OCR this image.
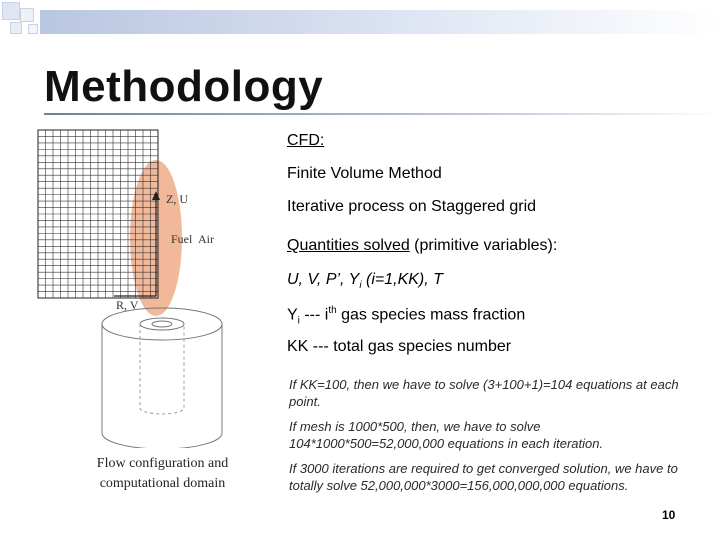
Methodology
Z, U
Fuel Air
R, V
Flow configuration and
computational domain
CFD:
Finite Volume Method
Iterative process on Staggered grid
Quantities solved (primitive variables):
U, V, P’, $Y_i$ (i=1,KK), T
$Y_i$ --- $i^{th}$ gas species mass fraction
KK --- total gas species number
If KK=100, then we have to solve (3+100+1)=104 equations at each point.
If mesh is 1000*500, then, we have to solve 104*1000*500=52,000,000 equations in each iteration.
If 3000 iterations are required to get converged solution, we have to totally solve 52,000,000*3000=156,000,000,000 equations.
10
